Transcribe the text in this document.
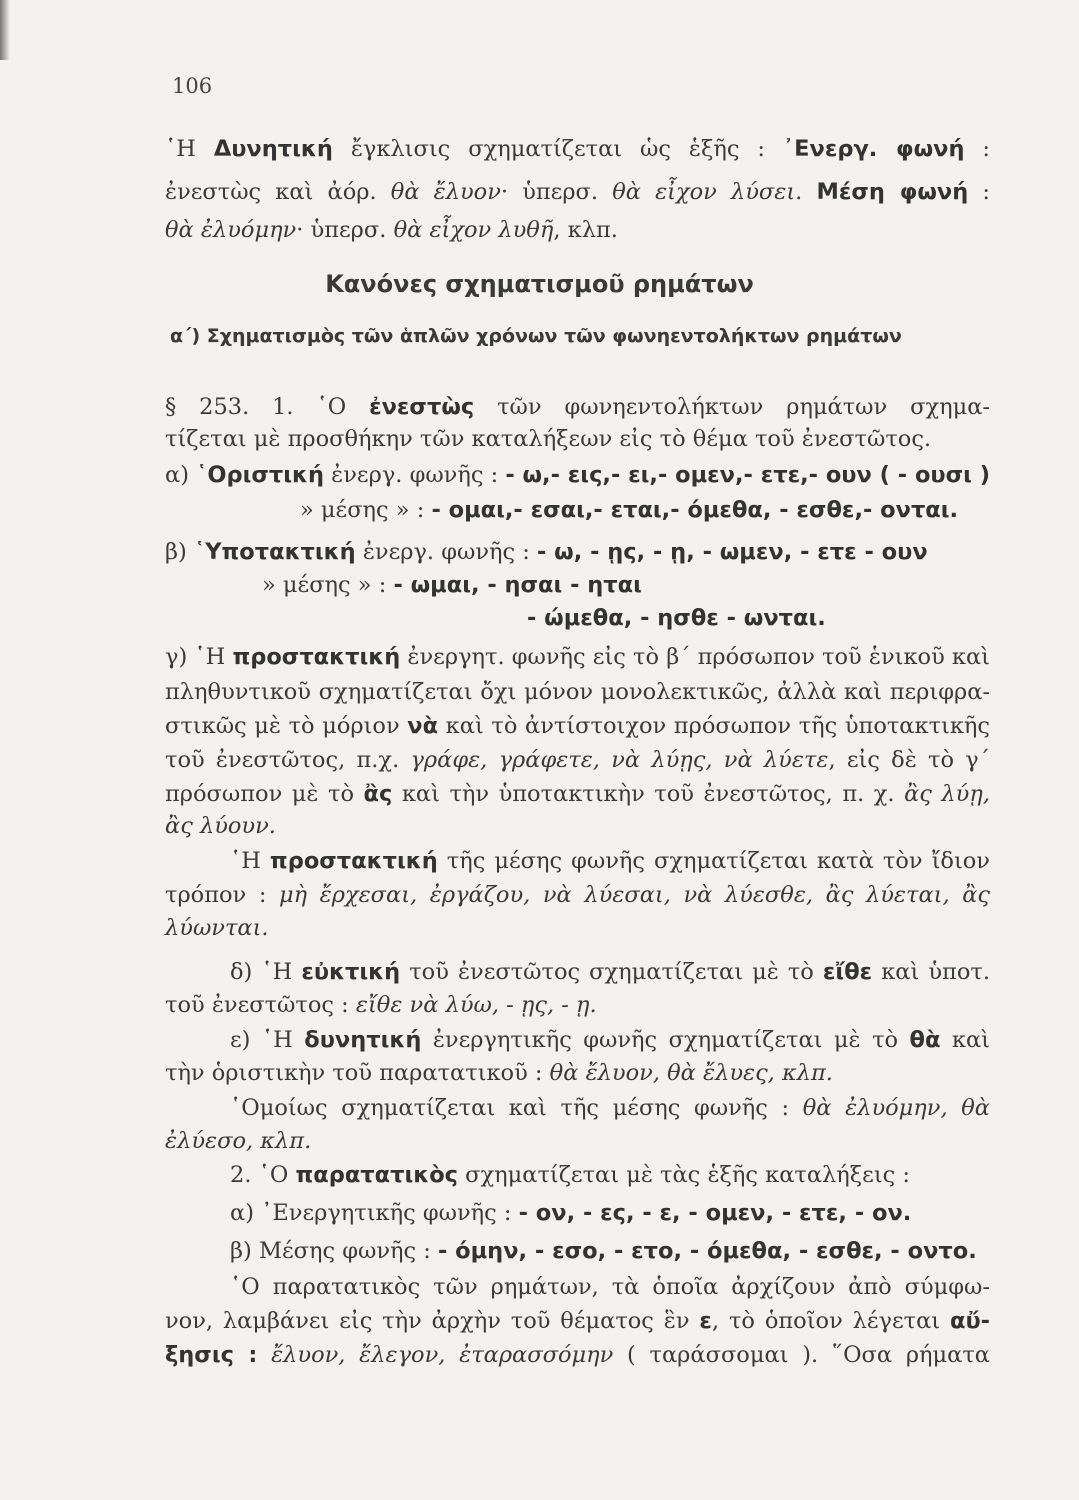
106
῾Η Δυνητική ἔγκλισις σχηματίζεται ὡς ἑξῆς : ᾿Ενεργ. φωνή :
ἐνεστὼς καὶ ἀόρ. θὰ ἔλυον· ὑπερσ. θὰ εἶχον λύσει. Μέση φωνή :
θὰ ἐλυόμην· ὑπερσ. θὰ εἶχον λυθῆ, κλπ.
Κανόνες σχηματισμοῦ ρημάτων
α΄) Σχηματισμὸς τῶν ἁπλῶν χρόνων τῶν φωνηεντολήκτων ρημάτων
§ 253. 1. ῾Ο ἐνεστὼς τῶν φωνηεντολήκτων ρημάτων σχημα-
τίζεται μὲ προσθήκην τῶν καταλήξεων εἰς τὸ θέμα τοῦ ἐνεστῶτος.
α) ῾Οριστική ἐνεργ. φωνῆς : - ω,- εις,- ει,- ομεν,- ετε,- ουν ( - ουσι )
» μέσης » : - ομαι,- εσαι,- εται,- όμεθα, - εσθε,- ονται.
β) ῾Υποτακτική ἐνεργ. φωνῆς : - ω, - ῃς, - ῃ, - ωμεν, - ετε - ουν
» μέσης » : - ωμαι, - ησαι - ηται
- ώμεθα, - ησθε - ωνται.
γ) ῾Η προστακτική ἐνεργητ. φωνῆς εἰς τὸ β΄ πρόσωπον τοῦ ἑνικοῦ καὶ
πληθυντικοῦ σχηματίζεται ὄχι μόνον μονολεκτικῶς, ἀλλὰ καὶ περιφρα-
στικῶς μὲ τὸ μόριον νὰ καὶ τὸ ἀντίστοιχον πρόσωπον τῆς ὑποτακτικῆς
τοῦ ἐνεστῶτος, π.χ. γράφε, γράφετε, νὰ λύῃς, νὰ λύετε, εἰς δὲ τὸ γ΄
πρόσωπον μὲ τὸ ἂς καὶ τὴν ὑποτακτικὴν τοῦ ἐνεστῶτος, π. χ. ἂς λύῃ,
ἂς λύουν.
῾Η προστακτική τῆς μέσης φωνῆς σχηματίζεται κατὰ τὸν ἴδιον
τρόπον : μὴ ἔρχεσαι, ἐργάζου, νὰ λύεσαι, νὰ λύεσθε, ἂς λύεται, ἂς
λύωνται.
δ) ῾Η εὐκτική τοῦ ἐνεστῶτος σχηματίζεται μὲ τὸ εἴθε καὶ ὑποτ.
τοῦ ἐνεστῶτος : εἴθε νὰ λύω, - ῃς, - ῃ.
ε) ῾Η δυνητική ἐνεργητικῆς φωνῆς σχηματίζεται μὲ τὸ θὰ καὶ
τὴν ὁριστικὴν τοῦ παρατατικοῦ : θὰ ἔλυον, θὰ ἔλυες, κλπ.
῾Ομοίως σχηματίζεται καὶ τῆς μέσης φωνῆς : θὰ ἐλυόμην, θὰ
ἐλύεσο, κλπ.
2. ῾Ο παρατατικὸς σχηματίζεται μὲ τὰς ἑξῆς καταλήξεις :
α) ᾿Ενεργητικῆς φωνῆς : - ον, - ες, - ε, - ομεν, - ετε, - ον.
β) Μέσης φωνῆς : - όμην, - εσο, - ετο, - όμεθα, - εσθε, - οντο.
῾Ο παρατατικὸς τῶν ρημάτων, τὰ ὁποῖα ἀρχίζουν ἀπὸ σύμφω-
νον, λαμβάνει εἰς τὴν ἀρχὴν τοῦ θέματος ἓν ε, τὸ ὁποῖον λέγεται αὔ-
ξησις : ἔλυον, ἔλεγον, ἐταρασσόμην ( ταράσσομαι ). ῞Οσα ρήματα
